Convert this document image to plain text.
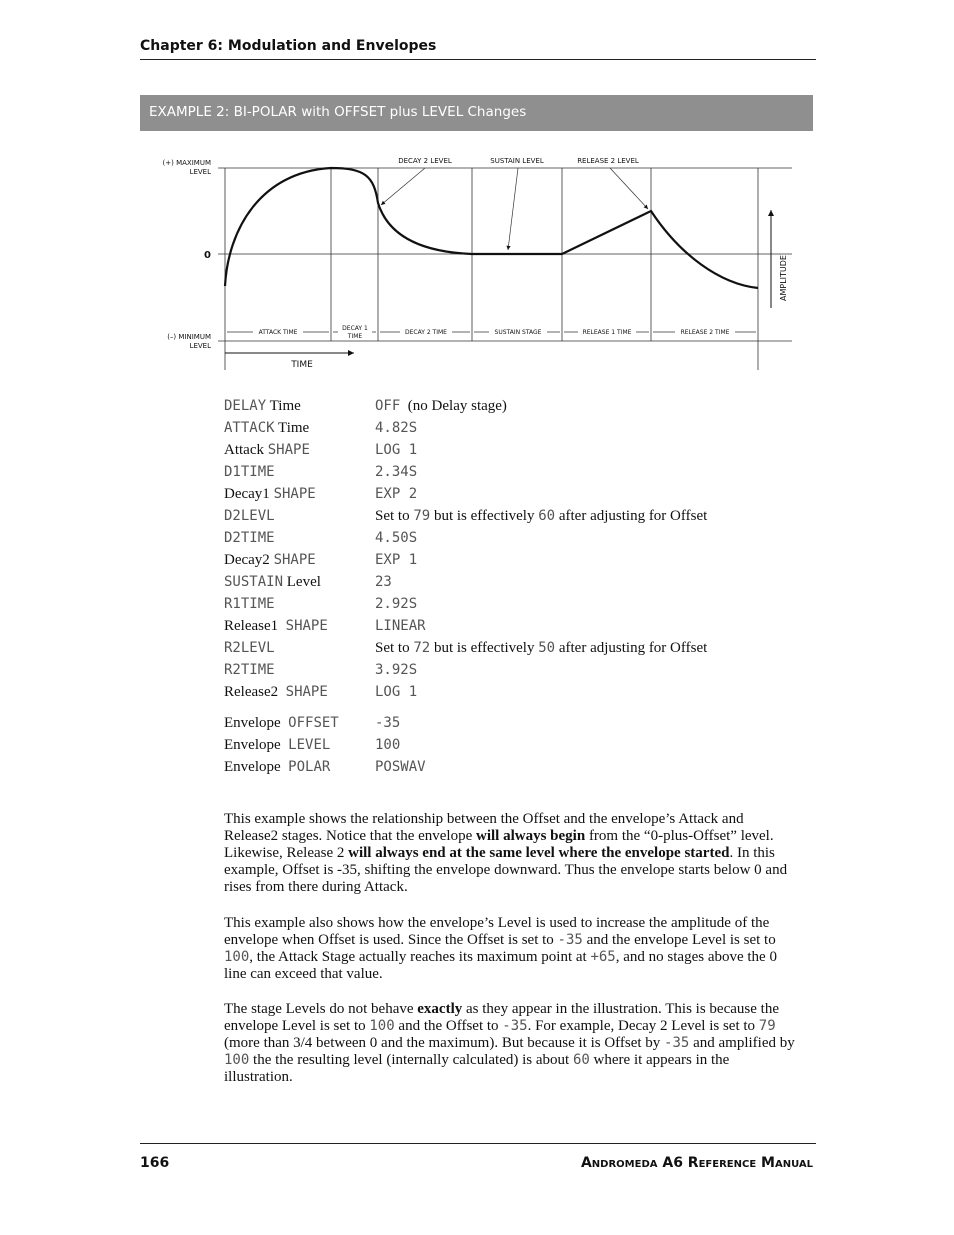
Chapter 6: Modulation and Envelopes
EXAMPLE 2: BI-POLAR with OFFSET plus LEVEL Changes
(+) MAXIMUM
LEVEL
0
(–) MINIMUM
LEVEL
DECAY 2 LEVEL	SUSTAIN LEVEL	RELEASE 2 LEVEL
AMPLITUDE
ATTACK TIME
DECAY 1
TIME
DECAY 2 TIME	SUSTAIN STAGE	RELEASE 1 TIME	RELEASE 2 TIME
TIME
DELAY Time	OFF  (no Delay stage)
ATTACK Time	4.82S
Attack SHAPE	LOG 1
D1TIME	2.34S
Decay1 SHAPE	EXP 2
D2LEVL	Set to 79 but is effectively 60 after adjusting for Offset
D2TIME	4.50S
Decay2 SHAPE	EXP 1
SUSTAIN Level	23
R1TIME	2.92S
Release1  SHAPE	LINEAR
R2LEVL	Set to 72 but is effectively 50 after adjusting for Offset
R2TIME	3.92S
Release2  SHAPE	LOG 1
Envelope  OFFSET	-35
Envelope  LEVEL	100
Envelope  POLAR	POSWAV
This example shows the relationship between the Offset and the envelope’s Attack and Release2 stages. Notice that the envelope will always begin from the “0-plus-Offset” level. Likewise, Release 2 will always end at the same level where the envelope started. In this example, Offset is -35, shifting the envelope downward. Thus the envelope starts below 0 and rises from there during Attack.
This example also shows how the envelope’s Level is used to increase the amplitude of the envelope when Offset is used. Since the Offset is set to -35 and the envelope Level is set to 100, the Attack Stage actually reaches its maximum point at +65, and no stages above the 0 line can exceed that value.
The stage Levels do not behave exactly as they appear in the illustration. This is because the envelope Level is set to 100 and the Offset to -35. For example, Decay 2 Level is set to 79 (more than 3/4 between 0 and the maximum). But because it is Offset by -35 and amplified by 100 the the resulting level (internally calculated) is about 60 where it appears in the illustration.
166	Andromeda A6 Reference Manual
